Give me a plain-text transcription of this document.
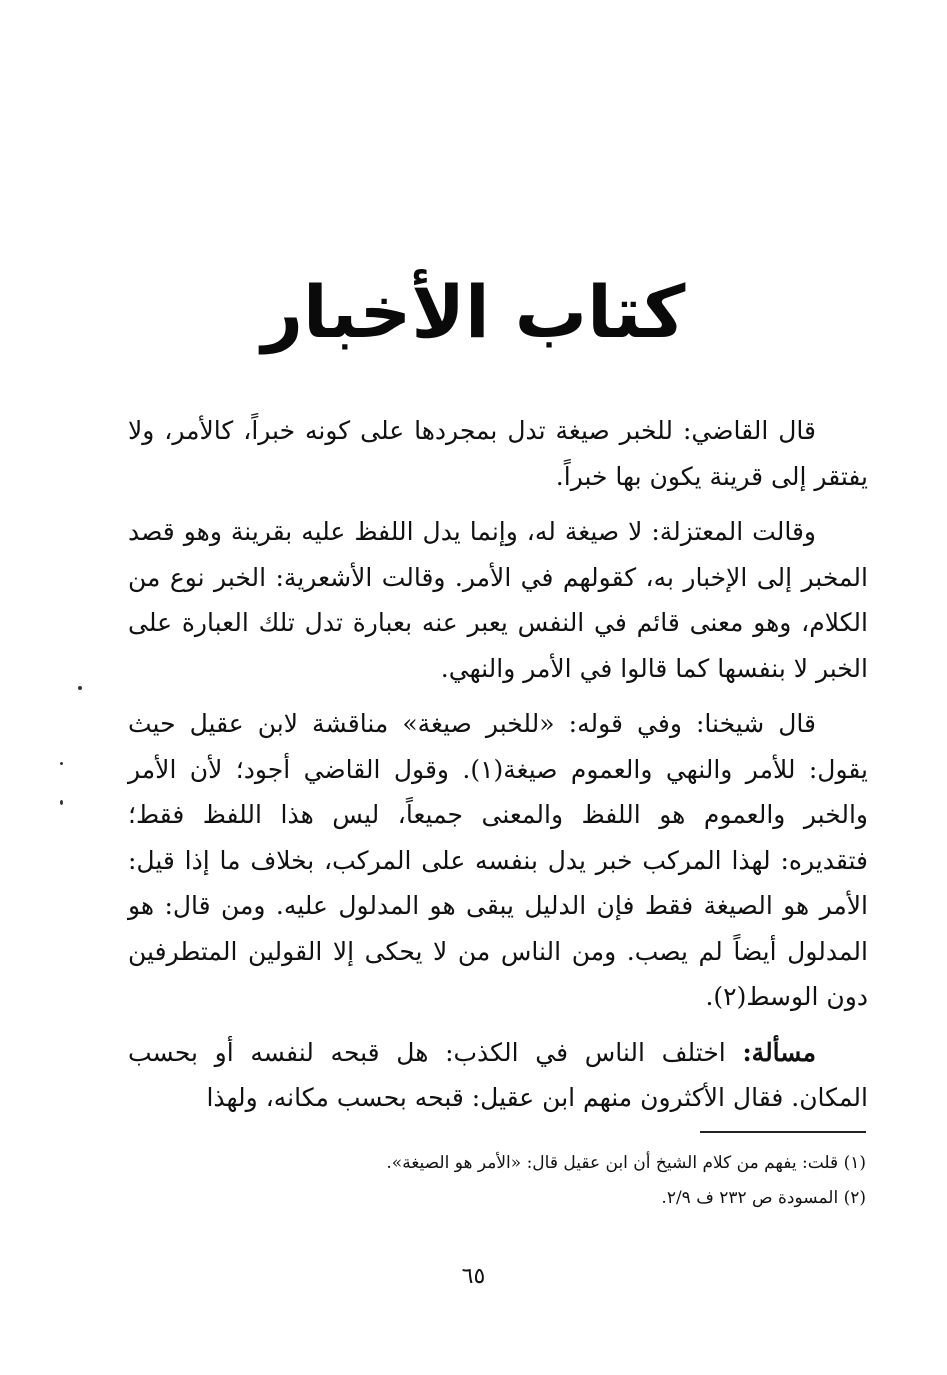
كتاب الأخبار

قال القاضي: للخبر صيغة تدل بمجردها على كونه خبراً، كالأمر، ولا يفتقر إلى قرينة يكون بها خبراً.

وقالت المعتزلة: لا صيغة له، وإنما يدل اللفظ عليه بقرينة وهو قصد المخبر إلى الإخبار به، كقولهم في الأمر. وقالت الأشعرية: الخبر نوع من الكلام، وهو معنى قائم في النفس يعبر عنه بعبارة تدل تلك العبارة على الخبر لا بنفسها كما قالوا في الأمر والنهي.

قال شيخنا: وفي قوله: «للخبر صيغة» مناقشة لابن عقيل حيث يقول: للأمر والنهي والعموم صيغة(١). وقول القاضي أجود؛ لأن الأمر والخبر والعموم هو اللفظ والمعنى جميعاً، ليس هذا اللفظ فقط؛ فتقديره: لهذا المركب خبر يدل بنفسه على المركب، بخلاف ما إذا قيل: الأمر هو الصيغة فقط فإن الدليل يبقى هو المدلول عليه. ومن قال: هو المدلول أيضاً لم يصب. ومن الناس من لا يحكى إلا القولين المتطرفين دون الوسط(٢).

مسألة: اختلف الناس في الكذب: هل قبحه لنفسه أو بحسب المكان. فقال الأكثرون منهم ابن عقيل: قبحه بحسب مكانه، ولهذا

(١) قلت: يفهم من كلام الشيخ أن ابن عقيل قال: «الأمر هو الصيغة».

(٢) المسودة ص ٢٣٢ ف ٢/٩.

٦٥
